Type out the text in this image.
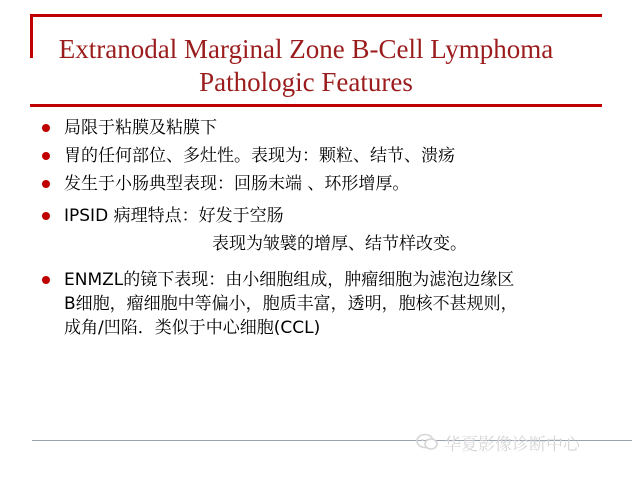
Extranodal Marginal Zone B-Cell Lymphoma
Pathologic Features
局限于粘膜及粘膜下
胃的任何部位、多灶性。表现为：颗粒、结节、溃疡
发生于小肠典型表现：回肠末端 、环形增厚。
IPSID 病理特点：好发于空肠
表现为皱襞的增厚、结节样改变。
ENMZL的镜下表现：由小细胞组成，肿瘤细胞为滤泡边缘区
B细胞，瘤细胞中等偏小，胞质丰富，透明，胞核不甚规则，
成角/凹陷．类似于中心细胞(CCL)
华夏影像诊断中心
